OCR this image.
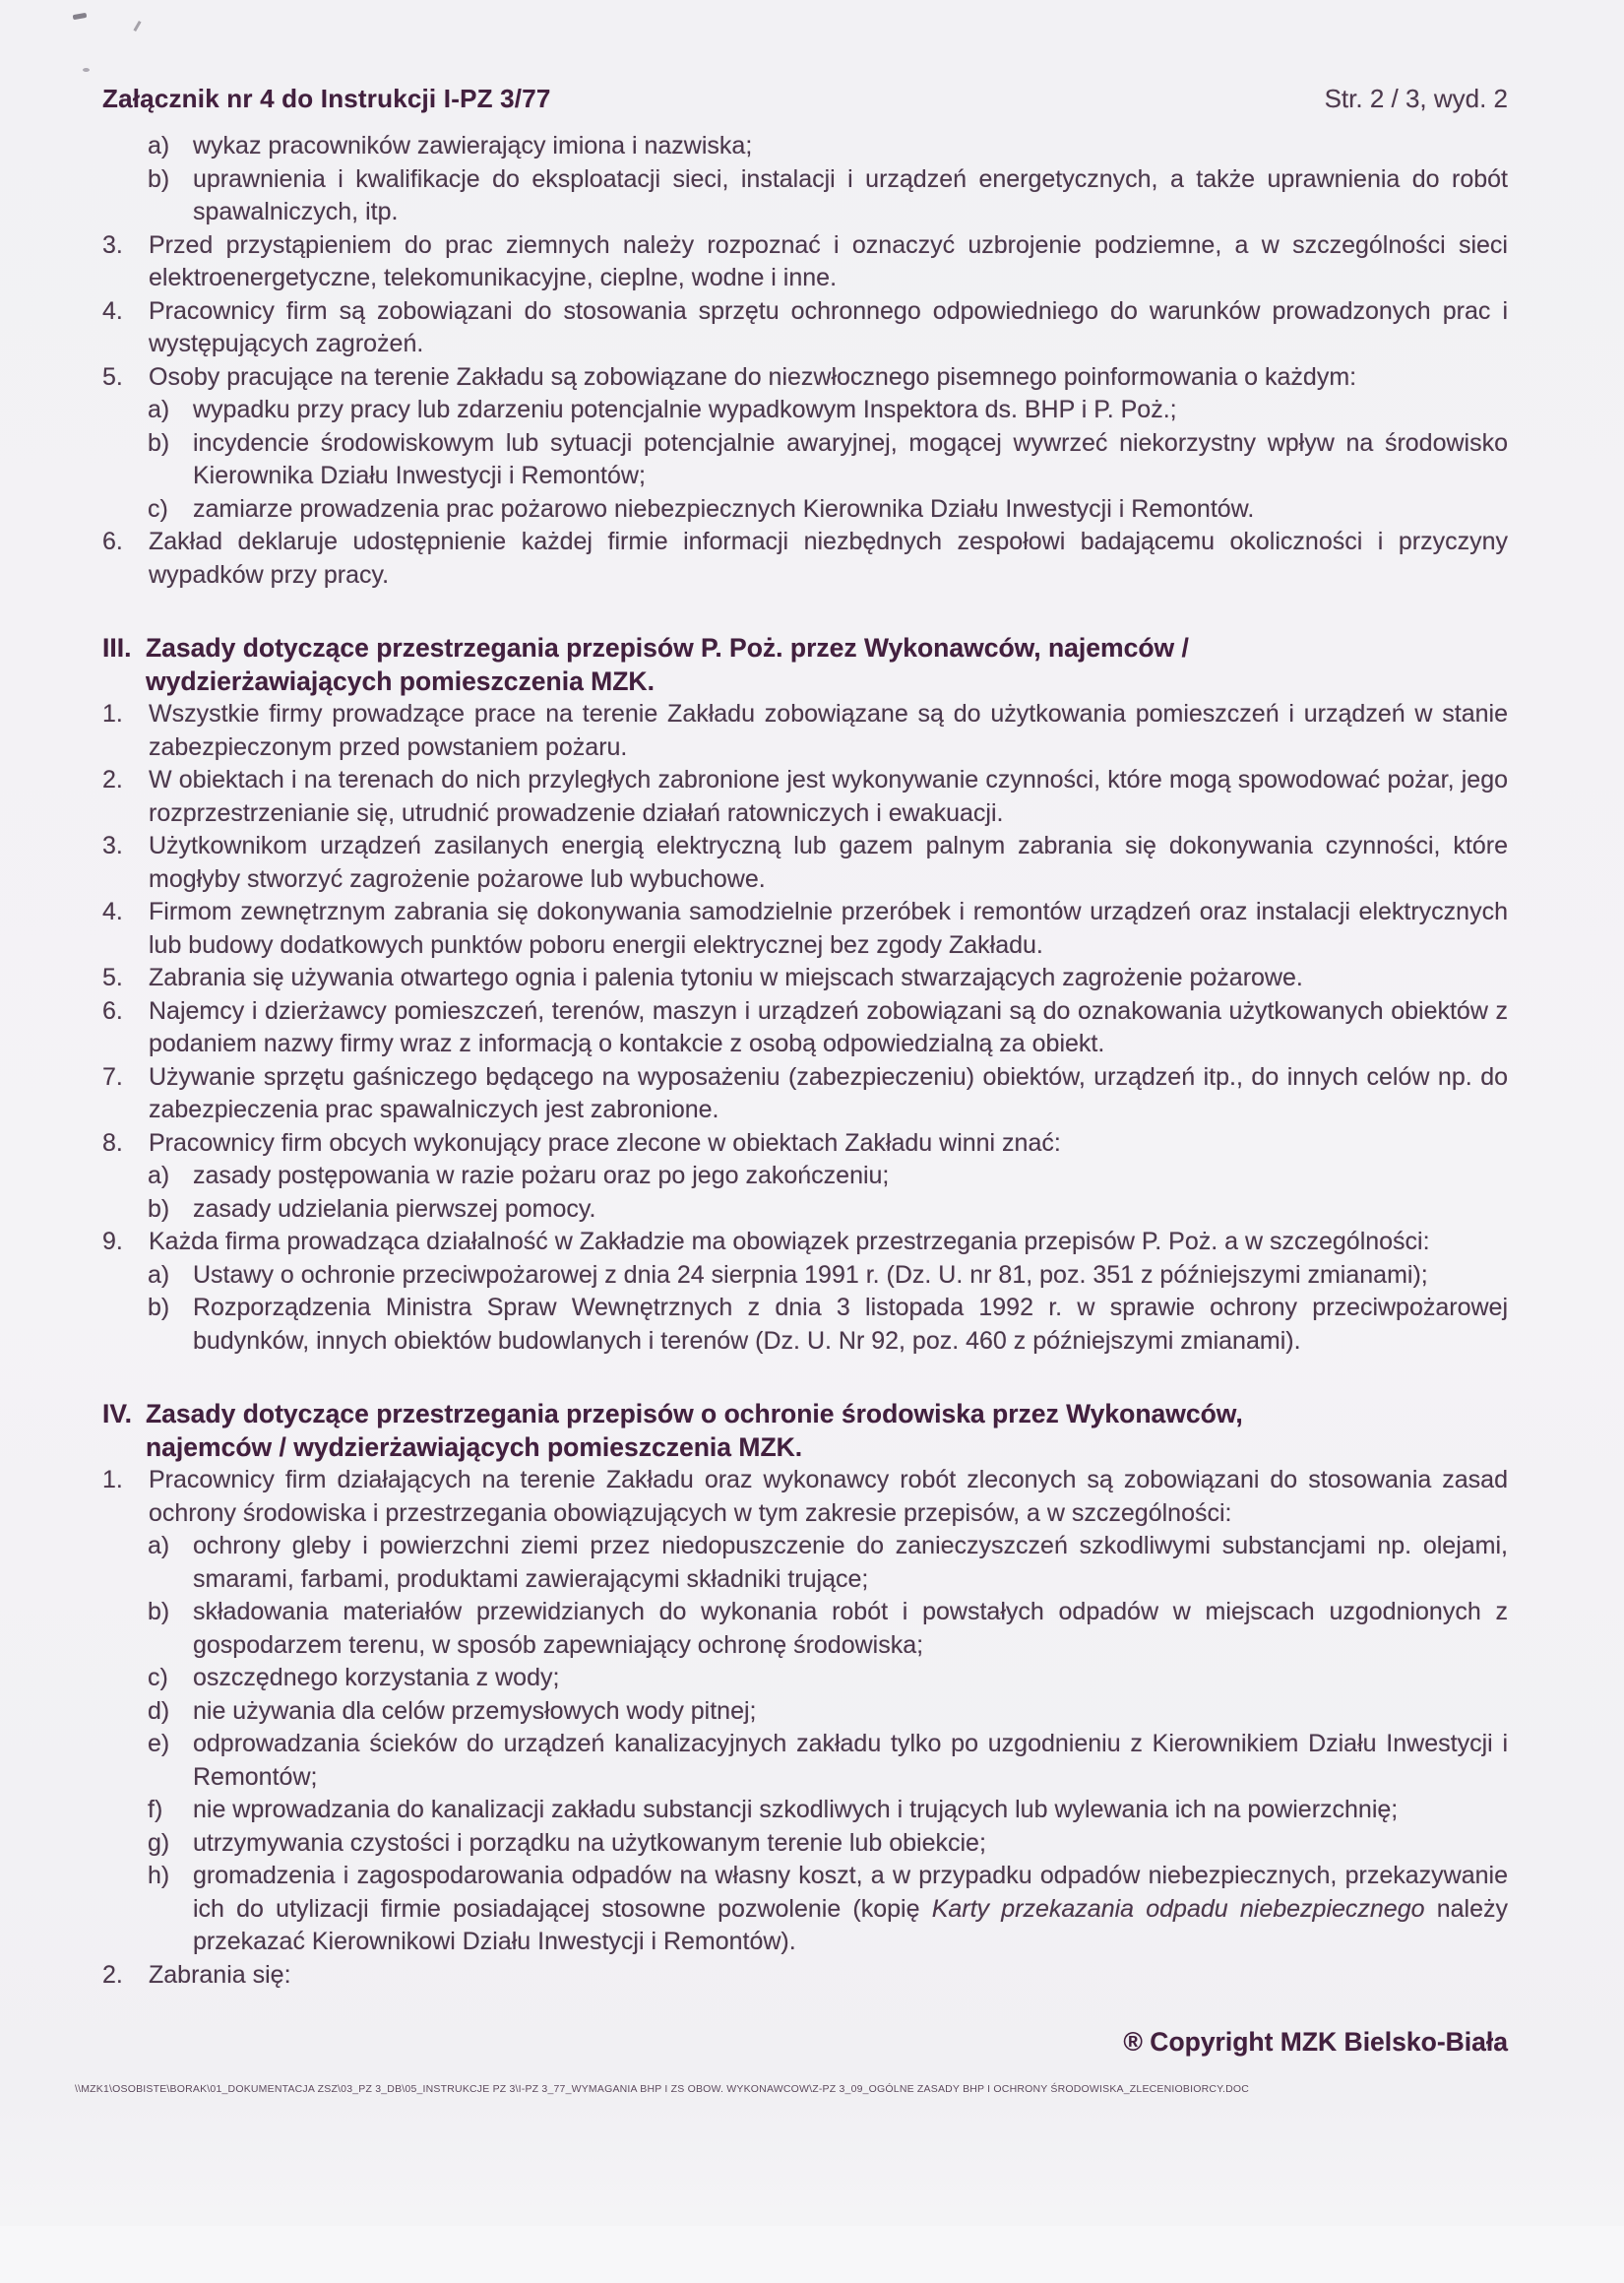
Załącznik nr 4 do Instrukcji I-PZ 3/77	Str. 2 / 3, wyd. 2
a) wykaz pracowników zawierający imiona i nazwiska;
b) uprawnienia i kwalifikacje do eksploatacji sieci, instalacji i urządzeń energetycznych, a także uprawnienia do robót spawalniczych, itp.
3.	Przed przystąpieniem do prac ziemnych należy rozpoznać i oznaczyć uzbrojenie podziemne, a w szczególności sieci elektroenergetyczne, telekomunikacyjne, cieplne, wodne i inne.
4.	Pracownicy firm są zobowiązani do stosowania sprzętu ochronnego odpowiedniego do warunków prowadzonych prac i występujących zagrożeń.
5.	Osoby pracujące na terenie Zakładu są zobowiązane do niezwłocznego pisemnego poinformowania o każdym:
a) wypadku przy pracy lub zdarzeniu potencjalnie wypadkowym Inspektora ds. BHP i P. Poż.;
b) incydencie środowiskowym lub sytuacji potencjalnie awaryjnej, mogącej wywrzeć niekorzystny wpływ na środowisko Kierownika Działu Inwestycji i Remontów;
c)	zamiarze prowadzenia prac pożarowo niebezpiecznych Kierownika Działu Inwestycji i Remontów.
6.	Zakład deklaruje udostępnienie każdej firmie informacji niezbędnych zespołowi badającemu okoliczności i przyczyny wypadków przy pracy.
III. Zasady dotyczące przestrzegania przepisów P. Poż. przez Wykonawców, najemców /
wydzierżawiających pomieszczenia MZK.
1.	Wszystkie firmy prowadzące prace na terenie Zakładu zobowiązane są do użytkowania pomieszczeń i urządzeń w stanie zabezpieczonym przed powstaniem pożaru.
2.	W obiektach i na terenach do nich przyległych zabronione jest wykonywanie czynności, które mogą spowodować pożar, jego rozprzestrzenianie się, utrudnić prowadzenie działań ratowniczych i ewakuacji.
3.	Użytkownikom urządzeń zasilanych energią elektryczną lub gazem palnym zabrania się dokonywania czynności, które mogłyby stworzyć zagrożenie pożarowe lub wybuchowe.
4.	Firmom zewnętrznym zabrania się dokonywania samodzielnie przeróbek i remontów urządzeń oraz instalacji elektrycznych lub budowy dodatkowych punktów poboru energii elektrycznej bez zgody Zakładu.
5.	Zabrania się używania otwartego ognia i palenia tytoniu w miejscach stwarzających zagrożenie pożarowe.
6.	Najemcy i dzierżawcy pomieszczeń, terenów, maszyn i urządzeń zobowiązani są do oznakowania użytkowanych obiektów z podaniem nazwy firmy wraz z informacją o kontakcie z osobą odpowiedzialną za obiekt.
7.	Używanie sprzętu gaśniczego będącego na wyposażeniu (zabezpieczeniu) obiektów, urządzeń itp., do innych celów np. do zabezpieczenia prac spawalniczych jest zabronione.
8.	Pracownicy firm obcych wykonujący prace zlecone w obiektach Zakładu winni znać:
a) zasady postępowania w razie pożaru oraz po jego zakończeniu;
b) zasady udzielania pierwszej pomocy.
9.	Każda firma prowadząca działalność w Zakładzie ma obowiązek przestrzegania przepisów P. Poż. a w szczególności:
a) Ustawy o ochronie przeciwpożarowej z dnia 24 sierpnia 1991 r. (Dz. U. nr 81, poz. 351 z późniejszymi zmianami);
b) Rozporządzenia Ministra Spraw Wewnętrznych z dnia 3 listopada 1992 r. w sprawie ochrony przeciwpożarowej budynków, innych obiektów budowlanych i terenów (Dz. U. Nr 92, poz. 460 z późniejszymi zmianami).
IV. Zasady dotyczące przestrzegania przepisów o ochronie środowiska przez Wykonawców,
najemców / wydzierżawiających pomieszczenia MZK.
1.	Pracownicy firm działających na terenie Zakładu oraz wykonawcy robót zleconych są zobowiązani do stosowania zasad ochrony środowiska i przestrzegania obowiązujących w tym zakresie przepisów, a w szczególności:
a) ochrony gleby i powierzchni ziemi przez niedopuszczenie do zanieczyszczeń szkodliwymi substancjami np. olejami, smarami, farbami, produktami zawierającymi składniki trujące;
b) składowania materiałów przewidzianych do wykonania robót i powstałych odpadów w miejscach uzgodnionych z gospodarzem terenu, w sposób zapewniający ochronę środowiska;
c)	oszczędnego korzystania z wody;
d) nie używania dla celów przemysłowych wody pitnej;
e) odprowadzania ścieków do urządzeń kanalizacyjnych zakładu tylko po uzgodnieniu z Kierownikiem Działu Inwestycji i Remontów;
f)	nie wprowadzania do kanalizacji zakładu substancji szkodliwych i trujących lub wylewania ich na powierzchnię;
g) utrzymywania czystości i porządku na użytkowanym terenie lub obiekcie;
h) gromadzenia i zagospodarowania odpadów na własny koszt, a w przypadku odpadów niebezpiecznych, przekazywanie ich do utylizacji firmie posiadającej stosowne pozwolenie (kopię Karty przekazania odpadu niebezpiecznego należy przekazać Kierownikowi Działu Inwestycji i Remontów).
2.	Zabrania się:
® Copyright MZK Bielsko-Biała
\\MZK1\OSOBISTE\BORAK\01_DOKUMENTACJA ZSZ\03_PZ 3_DB\05_INSTRUKCJE PZ 3\I-PZ 3_77_WYMAGANIA BHP I ZS OBOW. WYKONAWCOW\Z-PZ 3_09_OGÓLNE ZASADY BHP I OCHRONY ŚRODOWISKA_ZLECENIOBIORCY.DOC
